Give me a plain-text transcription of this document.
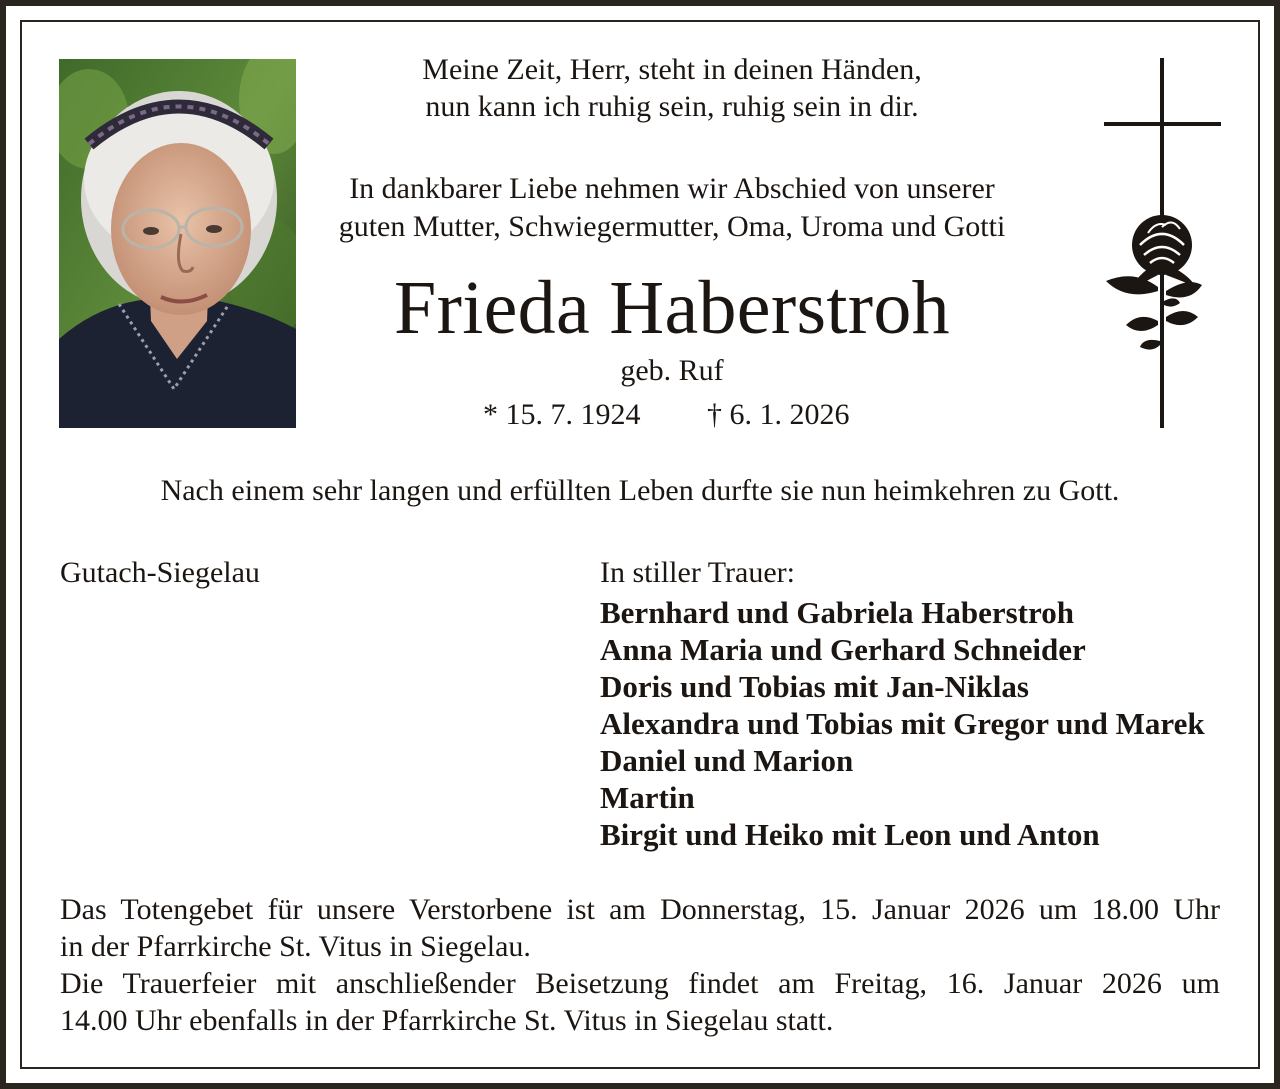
Meine Zeit, Herr, steht in deinen Händen,
nun kann ich ruhig sein, ruhig sein in dir.
In dankbarer Liebe nehmen wir Abschied von unserer
guten Mutter, Schwiegermutter, Oma, Uroma und Gotti
Frieda Haberstroh
geb. Ruf
* 15. 7. 1924 † 6. 1. 2026
Nach einem sehr langen und erfüllten Leben durfte sie nun heimkehren zu Gott.
Gutach-Siegelau	In stiller Trauer:
Bernhard und Gabriela Haberstroh
Anna Maria und Gerhard Schneider
Doris und Tobias mit Jan-Niklas
Alexandra und Tobias mit Gregor und Marek
Daniel und Marion
Martin
Birgit und Heiko mit Leon und Anton
Das Totengebet für unsere Verstorbene ist am Donnerstag, 15. Januar 2026 um 18.00 Uhr
in der Pfarrkirche St. Vitus in Siegelau.
Die Trauerfeier mit anschließender Beisetzung findet am Freitag, 16. Januar 2026 um
14.00 Uhr ebenfalls in der Pfarrkirche St. Vitus in Siegelau statt.
